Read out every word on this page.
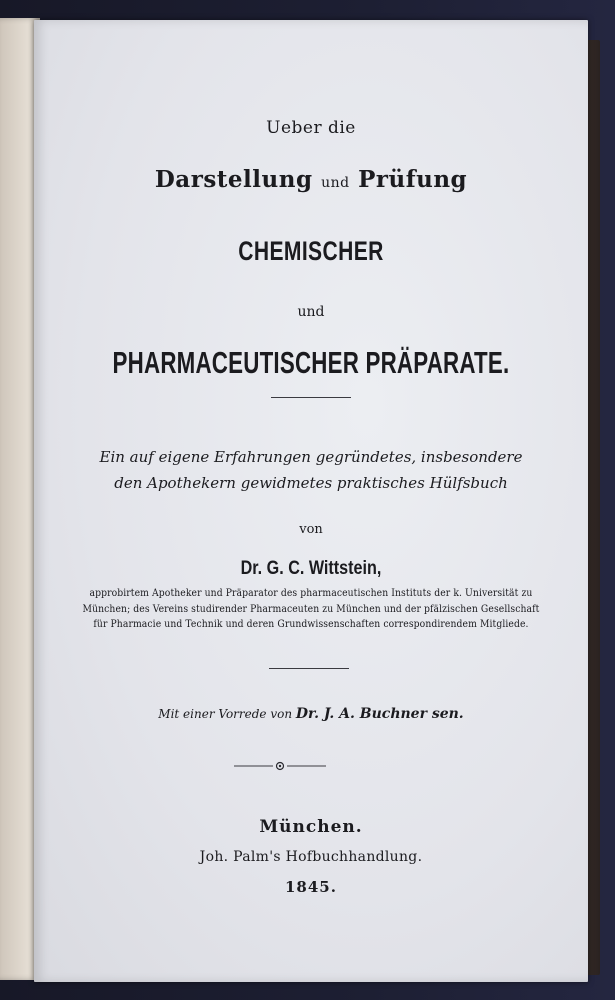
Ueber die
Darstellung und Prüfung
CHEMISCHER
und
PHARMACEUTISCHER PRÄPARATE.
Ein auf eigene Erfahrungen gegründetes, insbesondere
den Apothekern gewidmetes praktisches Hülfsbuch
von
Dr. G. C. Wittstein,
approbirtem Apotheker und Präparator des pharmaceutischen Instituts der k. Universität zu
München; des Vereins studirender Pharmaceuten zu München und der pfälzischen Gesellschaft
für Pharmacie und Technik und deren Grundwissenschaften correspondirendem Mitgliede.
Mit einer Vorrede von Dr. J. A. Buchner sen.
München.
Joh. Palm's Hofbuchhandlung.
1845.
